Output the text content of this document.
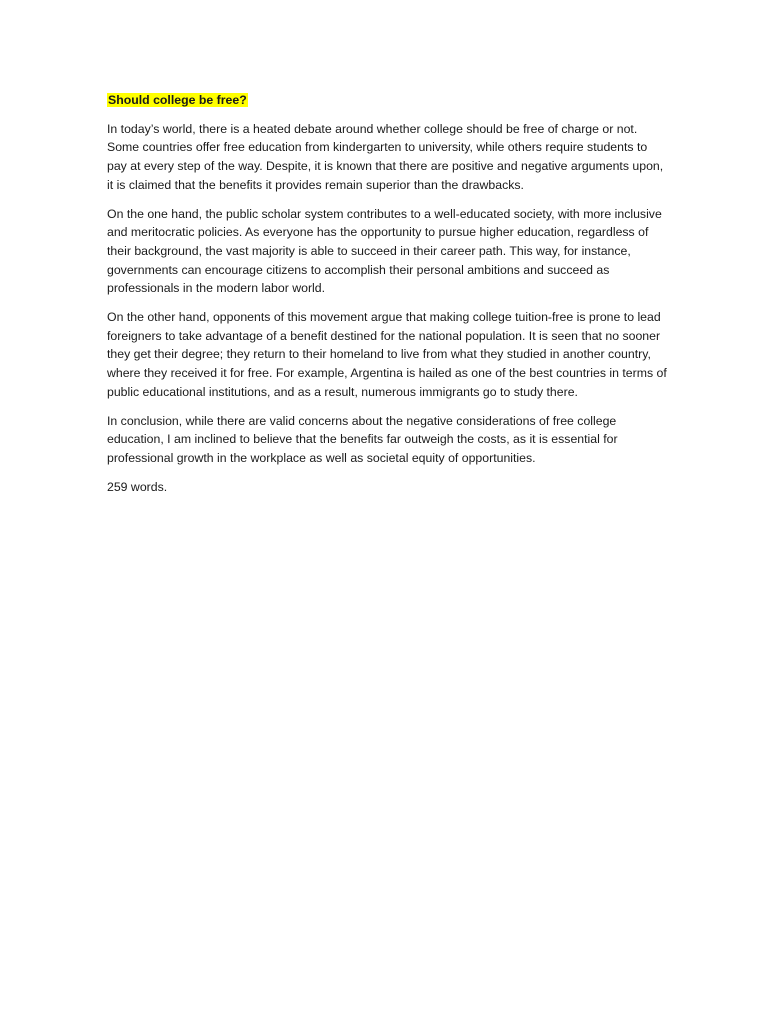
Should college be free?

In today’s world, there is a heated debate around whether college should be free of charge or not. Some countries offer free education from kindergarten to university, while others require students to pay at every step of the way. Despite, it is known that there are positive and negative arguments upon, it is claimed that the benefits it provides remain superior than the drawbacks.

On the one hand, the public scholar system contributes to a well-educated society, with more inclusive and meritocratic policies. As everyone has the opportunity to pursue higher education, regardless of their background, the vast majority is able to succeed in their career path. This way, for instance, governments can encourage citizens to accomplish their personal ambitions and succeed as professionals in the modern labor world.

On the other hand, opponents of this movement argue that making college tuition-free is prone to lead foreigners to take advantage of a benefit destined for the national population. It is seen that no sooner they get their degree; they return to their homeland to live from what they studied in another country, where they received it for free. For example, Argentina is hailed as one of the best countries in terms of public educational institutions, and as a result, numerous immigrants go to study there.

In conclusion, while there are valid concerns about the negative considerations of free college education, I am inclined to believe that the benefits far outweigh the costs, as it is essential for professional growth in the workplace as well as societal equity of opportunities.

259 words.
